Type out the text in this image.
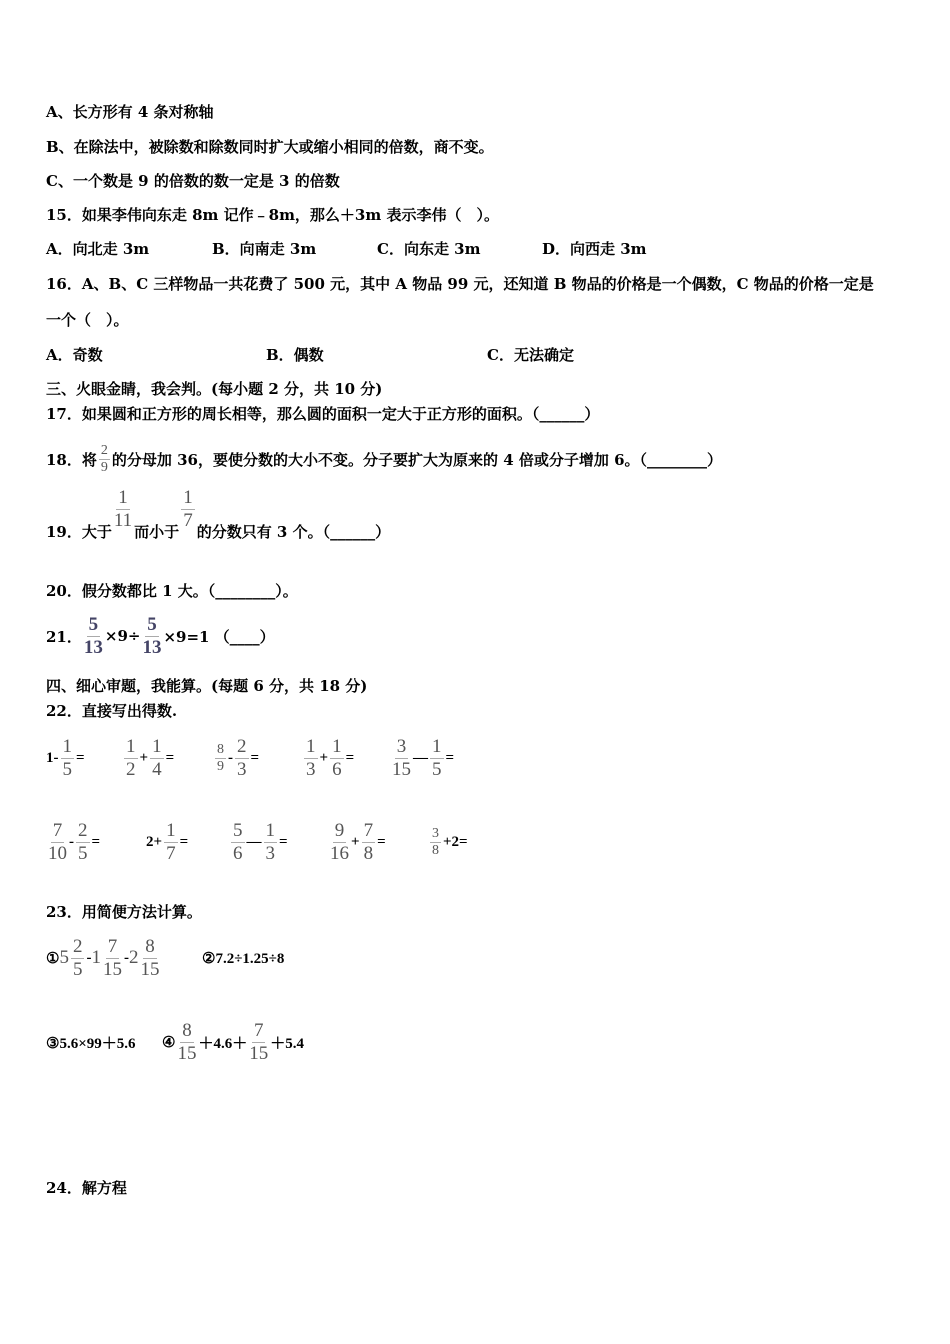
A、长方形有 4 条对称轴
B、在除法中，被除数和除数同时扩大或缩小相同的倍数，商不变。
C、一个数是 9 的倍数的数一定是 3 的倍数
15．如果李伟向东走 8m 记作﹣8m，那么＋3m 表示李伟（　）。
A．向北走 3m	B．向南走 3m	C．向东走 3m	D．向西走 3m
16．A、B、C 三样物品一共花费了 500 元，其中 A 物品 99 元，还知道 B 物品的价格是一个偶数，C 物品的价格一定是
一个（　）。
A．奇数	B．偶数	C．无法确定
三、火眼金睛，我会判。(每小题 2 分，共 10 分)
17．如果圆和正方形的周长相等，那么圆的面积一定大于正方形的面积。（______）
18．将 $\frac{2}{9}$ 的分母加 36，要使分数的大小不变。分子要扩大为原来的 4 倍或分子增加 6。（________）
19．大于 $\frac{1}{11}$ 而小于 $\frac{1}{7}$ 的分数只有 3 个。（______）
20．假分数都比 1 大。（________）。
21． $\frac{5}{13} \times 9\div \frac{5}{13} \times 9=1$ （____）
四、细心审题，我能算。(每题 6 分，共 18 分)
22．直接写出得数.
23．用简便方法计算。
24．解方程
$1- \frac{1}{5} = \frac{1}{2} + \frac{1}{4}$ =	$\frac{8}{9} - \frac{2}{3} = \frac{1}{3} + \frac{1}{6} = \frac{3}{15}$ — $\frac{1}{5}$ =
$\frac{7}{10} - \frac{2}{5}$ =	$2+ \frac{1}{7} = \frac{5}{6}$ — $\frac{1}{3} = \frac{9}{16} + \frac{7}{8}$ =	$\frac{3}{8} +2=$
① $5 \frac{2}{5} - 1 \frac{7}{15} - 2 \frac{8}{15}$	②7.2÷1.25÷8
③5.6×99＋5.6 ④ $\frac{8}{15} +4.6+ \frac{7}{15} +5.4$
